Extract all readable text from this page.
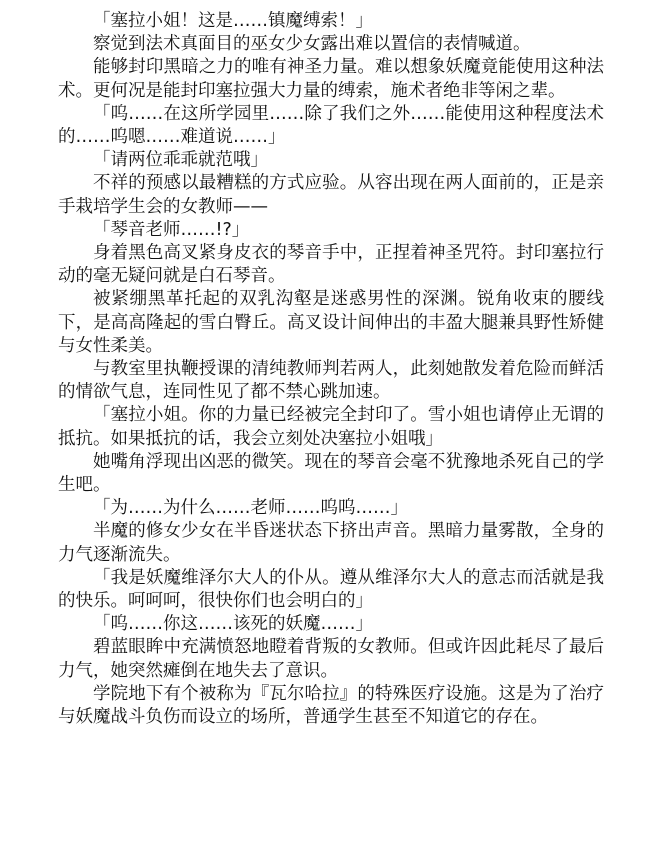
「塞拉小姐！这是……镇魔缚索！」

察觉到法术真面目的巫女少女露出难以置信的表情喊道。

能够封印黑暗之力的唯有神圣力量。难以想象妖魔竟能使用这种法术。更何况是能封印塞拉强大力量的缚索，施术者绝非等闲之辈。

「呜……在这所学园里……除了我们之外……能使用这种程度法术的……呜嗯……难道说……」

「请两位乖乖就范哦」

不祥的预感以最糟糕的方式应验。从容出现在两人面前的，正是亲手栽培学生会的女教师——

「琴音老师……!?」

身着黑色高叉紧身皮衣的琴音手中，正捏着神圣咒符。封印塞拉行动的毫无疑问就是白石琴音。

被紧绷黑革托起的双乳沟壑是迷惑男性的深渊。锐角收束的腰线下，是高高隆起的雪白臀丘。高叉设计间伸出的丰盈大腿兼具野性矫健与女性柔美。

与教室里执鞭授课的清纯教师判若两人，此刻她散发着危险而鲜活的情欲气息，连同性见了都不禁心跳加速。

「塞拉小姐。你的力量已经被完全封印了。雪小姐也请停止无谓的抵抗。如果抵抗的话，我会立刻处决塞拉小姐哦」

她嘴角浮现出凶恶的微笑。现在的琴音会毫不犹豫地杀死自己的学生吧。

「为……为什么……老师……呜呜……」

半魔的修女少女在半昏迷状态下挤出声音。黑暗力量雾散，全身的力气逐渐流失。

「我是妖魔维泽尔大人的仆从。遵从维泽尔大人的意志而活就是我的快乐。呵呵呵，很快你们也会明白的」

「呜……你这……该死的妖魔……」

碧蓝眼眸中充满愤怒地瞪着背叛的女教师。但或许因此耗尽了最后力气，她突然瘫倒在地失去了意识。

学院地下有个被称为『瓦尔哈拉』的特殊医疗设施。这是为了治疗与妖魔战斗负伤而设立的场所，普通学生甚至不知道它的存在。
